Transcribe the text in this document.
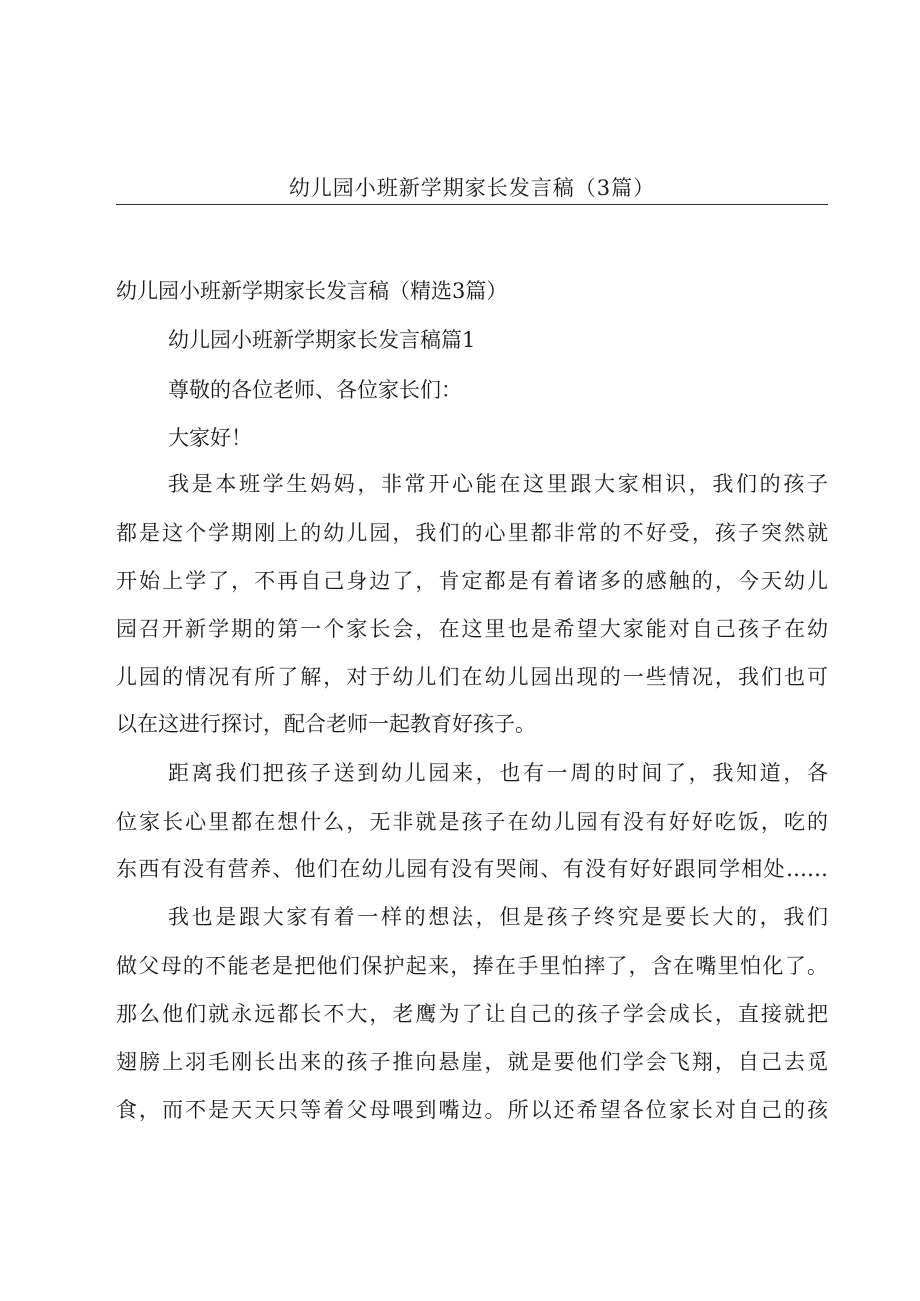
幼儿园小班新学期家长发言稿（3篇）
幼儿园小班新学期家长发言稿（精选3篇）
幼儿园小班新学期家长发言稿篇1
尊敬的各位老师、各位家长们：
大家好！
我是本班学生妈妈，非常开心能在这里跟大家相识，我们的孩子
都是这个学期刚上的幼儿园，我们的心里都非常的不好受，孩子突然就
开始上学了，不再自己身边了，肯定都是有着诸多的感触的，今天幼儿
园召开新学期的第一个家长会，在这里也是希望大家能对自己孩子在幼
儿园的情况有所了解，对于幼儿们在幼儿园出现的一些情况，我们也可
以在这进行探讨，配合老师一起教育好孩子。
距离我们把孩子送到幼儿园来，也有一周的时间了，我知道，各
位家长心里都在想什么，无非就是孩子在幼儿园有没有好好吃饭，吃的
东西有没有营养、他们在幼儿园有没有哭闹、有没有好好跟同学相处……
我也是跟大家有着一样的想法，但是孩子终究是要长大的，我们
做父母的不能老是把他们保护起来，捧在手里怕摔了，含在嘴里怕化了。
那么他们就永远都长不大，老鹰为了让自己的孩子学会成长，直接就把
翅膀上羽毛刚长出来的孩子推向悬崖，就是要他们学会飞翔，自己去觅
食，而不是天天只等着父母喂到嘴边。所以还希望各位家长对自己的孩
